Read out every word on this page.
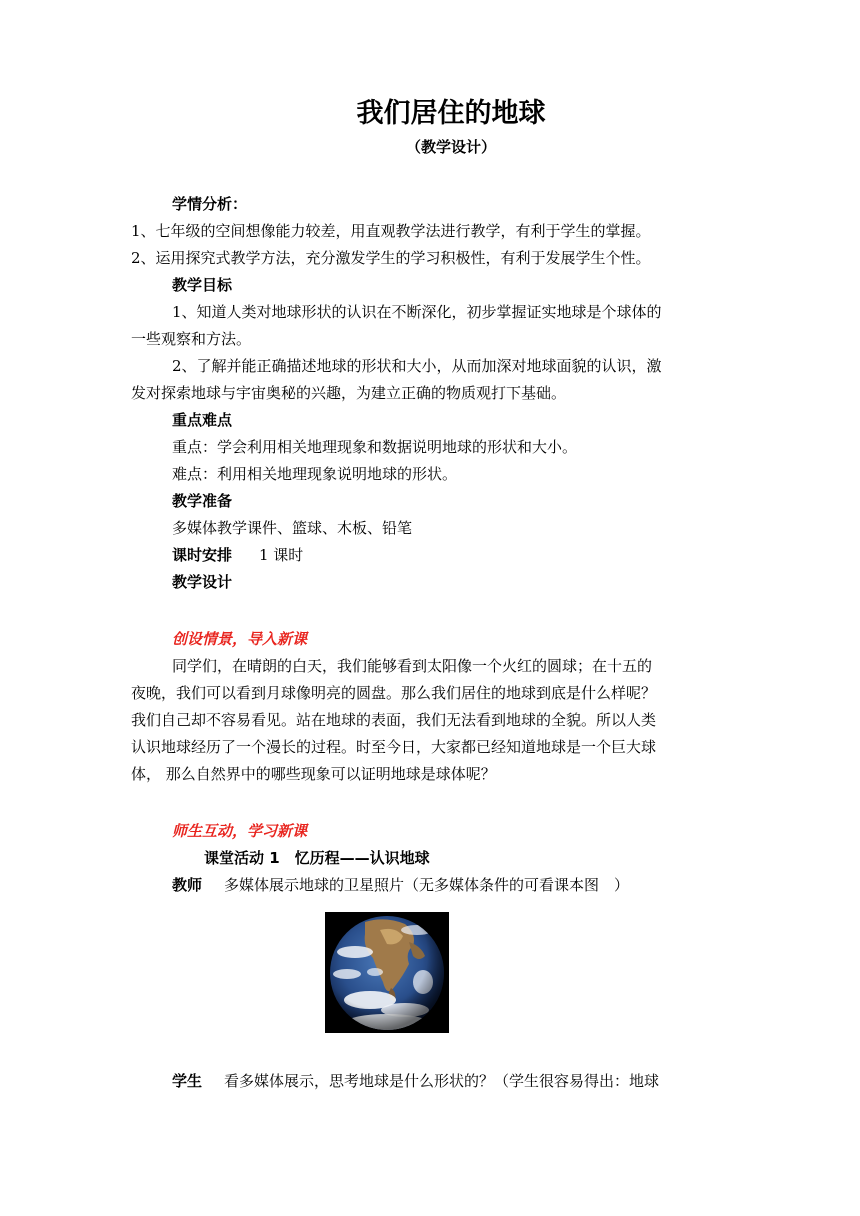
我们居住的地球
（教学设计）
学情分析：
1、七年级的空间想像能力较差，用直观教学法进行教学，有利于学生的掌握。
2、运用探究式教学方法，充分激发学生的学习积极性，有利于发展学生个性。
教学目标
1、知道人类对地球形状的认识在不断深化，初步掌握证实地球是个球体的
一些观察和方法。
2、了解并能正确描述地球的形状和大小，从而加深对地球面貌的认识，激
发对探索地球与宇宙奥秘的兴趣，为建立正确的物质观打下基础。
重点难点
重点：学会利用相关地理现象和数据说明地球的形状和大小。
难点：利用相关地理现象说明地球的形状。
教学准备
多媒体教学课件、篮球、木板、铅笔
课时安排 1 课时
教学设计
创设情景，导入新课
同学们，在晴朗的白天，我们能够看到太阳像一个火红的圆球；在十五的
夜晚，我们可以看到月球像明亮的圆盘。那么我们居住的地球到底是什么样呢？
我们自己却不容易看见。站在地球的表面，我们无法看到地球的全貌。所以人类
认识地球经历了一个漫长的过程。时至今日，大家都已经知道地球是一个巨大球
体， 那么自然界中的哪些现象可以证明地球是球体呢？
师生互动，学习新课
课堂活动 1　忆历程——认识地球
教师 多媒体展示地球的卫星照片（无多媒体条件的可看课本图　）
学生 看多媒体展示，思考地球是什么形状的？（学生很容易得出：地球
